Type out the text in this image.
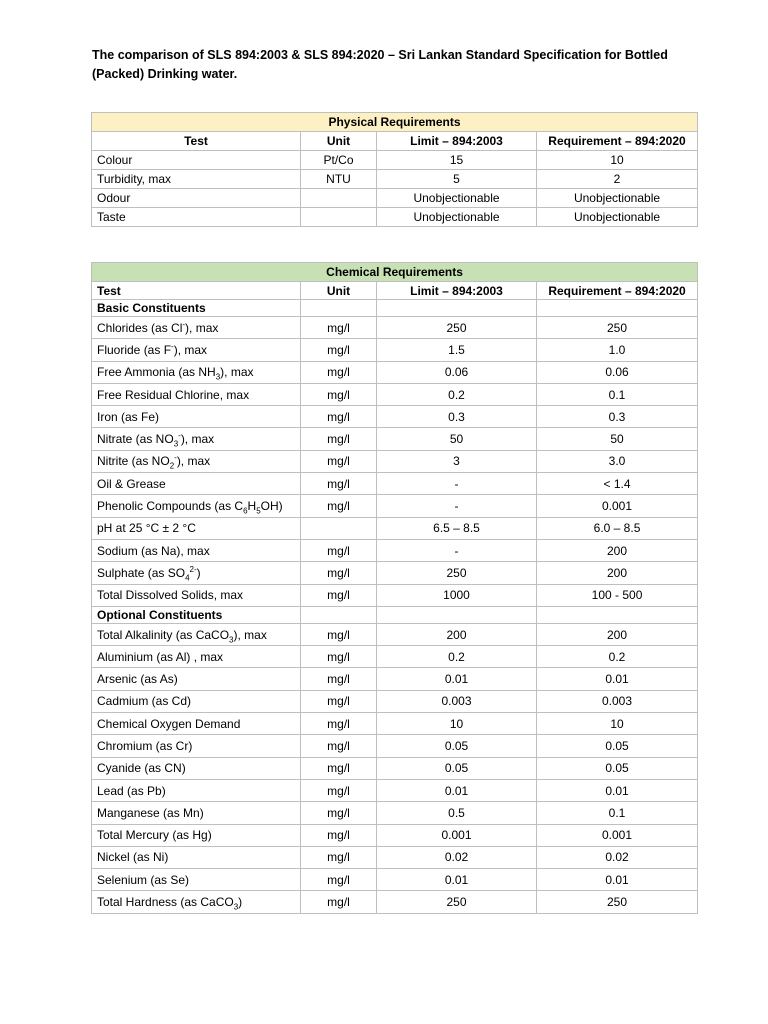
The comparison of SLS 894:2003 & SLS 894:2020 – Sri Lankan Standard Specification for Bottled (Packed) Drinking water.
Physical Requirements			
Test	Unit	Limit – 894:2003	Requirement – 894:2020
Colour	Pt/Co	15	10
Turbidity, max	NTU	5	2
Odour		Unobjectionable	Unobjectionable
Taste		Unobjectionable	Unobjectionable
Chemical Requirements			
Test	Unit	Limit – 894:2003	Requirement – 894:2020
Basic Constituents			
Chlorides (as Cl-), max	mg/l	250	250
Fluoride (as F-), max	mg/l	1.5	1.0
Free Ammonia (as $NH_3$), max	mg/l	0.06	0.06
Free Residual Chlorine, max	mg/l	0.2	0.1
Iron (as Fe)	mg/l	0.3	0.3
Nitrate (as $NO_3^-$), max	mg/l	50	50
Nitrite (as $NO_2^-$), max	mg/l	3	3.0
Oil & Grease	mg/l	-	< 1.4
Phenolic Compounds (as $C_6H_5OH$)	mg/l	-	0.001
pH at 25 °C ± 2 °C		6.5 – 8.5	6.0 – 8.5
Sodium (as Na), max	mg/l	-	200
Sulphate (as $SO_4^{2-}$)	mg/l	250	200
Total Dissolved Solids, max	mg/l	1000	100 - 500
Optional Constituents			
Total Alkalinity (as CaCO$_3$), max	mg/l	200	200
Aluminium (as Al) , max	mg/l	0.2	0.2
Arsenic (as As)	mg/l	0.01	0.01
Cadmium (as Cd)	mg/l	0.003	0.003
Chemical Oxygen Demand	mg/l	10	10
Chromium (as Cr)	mg/l	0.05	0.05
Cyanide (as CN)	mg/l	0.05	0.05
Lead (as Pb)	mg/l	0.01	0.01
Manganese (as Mn)	mg/l	0.5	0.1
Total Mercury (as Hg)	mg/l	0.001	0.001
Nickel (as Ni)	mg/l	0.02	0.02
Selenium (as Se)	mg/l	0.01	0.01
Total Hardness (as CaCO$_3$)	mg/l	250	250
